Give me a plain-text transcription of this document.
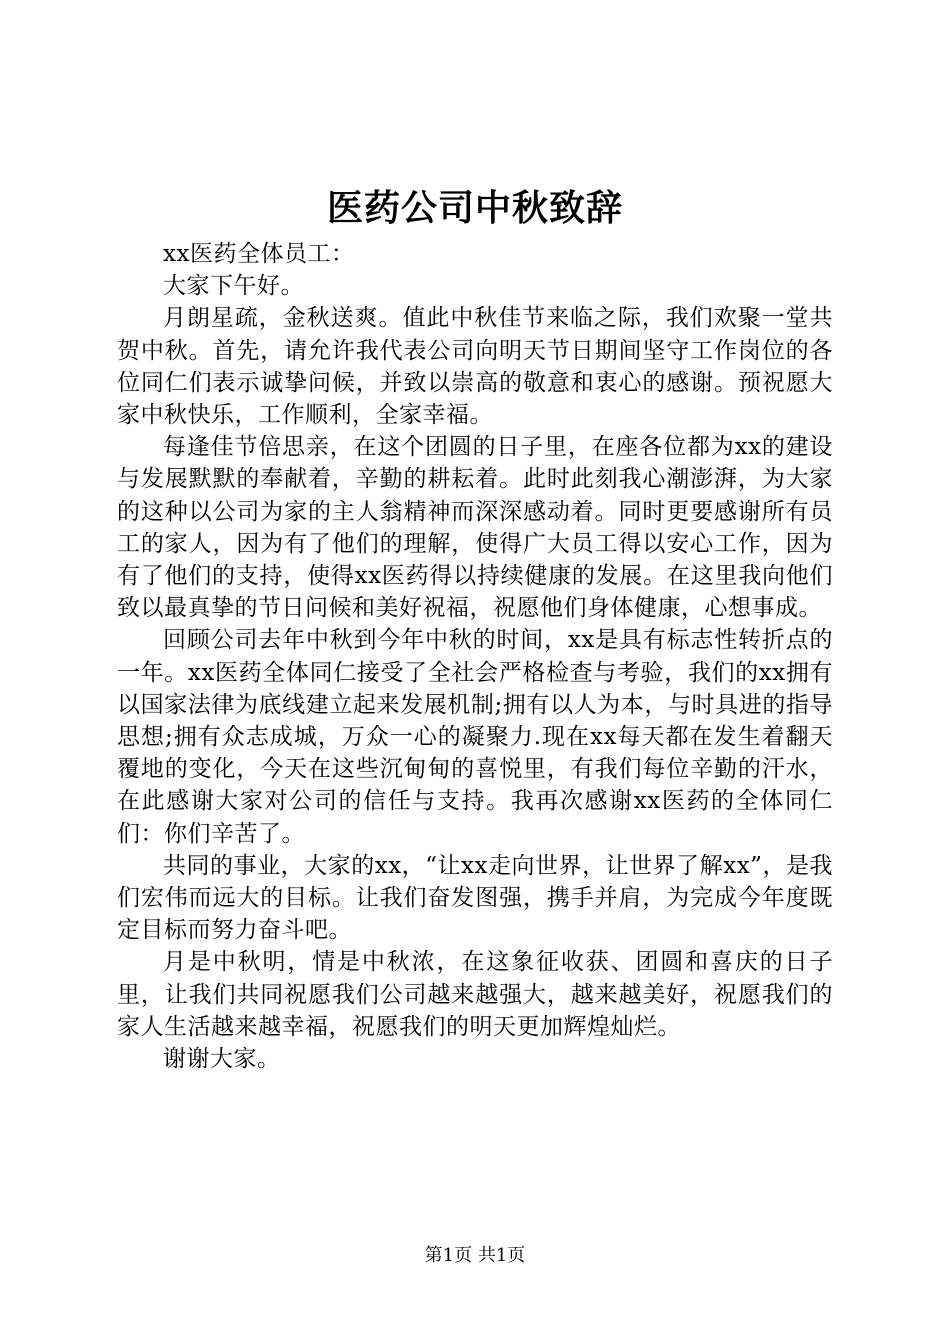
医药公司中秋致辞

xx医药全体员工：

大家下午好。

月朗星疏，金秋送爽。值此中秋佳节来临之际，我们欢聚一堂共贺中秋。首先，请允许我代表公司向明天节日期间坚守工作岗位的各位同仁们表示诚挚问候，并致以崇高的敬意和衷心的感谢。预祝愿大家中秋快乐，工作顺利，全家幸福。

每逢佳节倍思亲，在这个团圆的日子里，在座各位都为xx的建设与发展默默的奉献着，辛勤的耕耘着。此时此刻我心潮澎湃，为大家的这种以公司为家的主人翁精神而深深感动着。同时更要感谢所有员工的家人，因为有了他们的理解，使得广大员工得以安心工作，因为有了他们的支持，使得xx医药得以持续健康的发展。在这里我向他们致以最真挚的节日问候和美好祝福，祝愿他们身体健康，心想事成。

回顾公司去年中秋到今年中秋的时间，xx是具有标志性转折点的一年。xx医药全体同仁接受了全社会严格检查与考验，我们的xx拥有以国家法律为底线建立起来发展机制;拥有以人为本，与时具进的指导思想;拥有众志成城，万众一心的凝聚力.现在xx每天都在发生着翻天覆地的变化，今天在这些沉甸甸的喜悦里，有我们每位辛勤的汗水，在此感谢大家对公司的信任与支持。我再次感谢xx医药的全体同仁们：你们辛苦了。

共同的事业，大家的xx，“让xx走向世界，让世界了解xx”，是我们宏伟而远大的目标。让我们奋发图强，携手并肩，为完成今年度既定目标而努力奋斗吧。

月是中秋明，情是中秋浓，在这象征收获、团圆和喜庆的日子里，让我们共同祝愿我们公司越来越强大，越来越美好，祝愿我们的家人生活越来越幸福，祝愿我们的明天更加辉煌灿烂。

谢谢大家。

第1页 共1页
